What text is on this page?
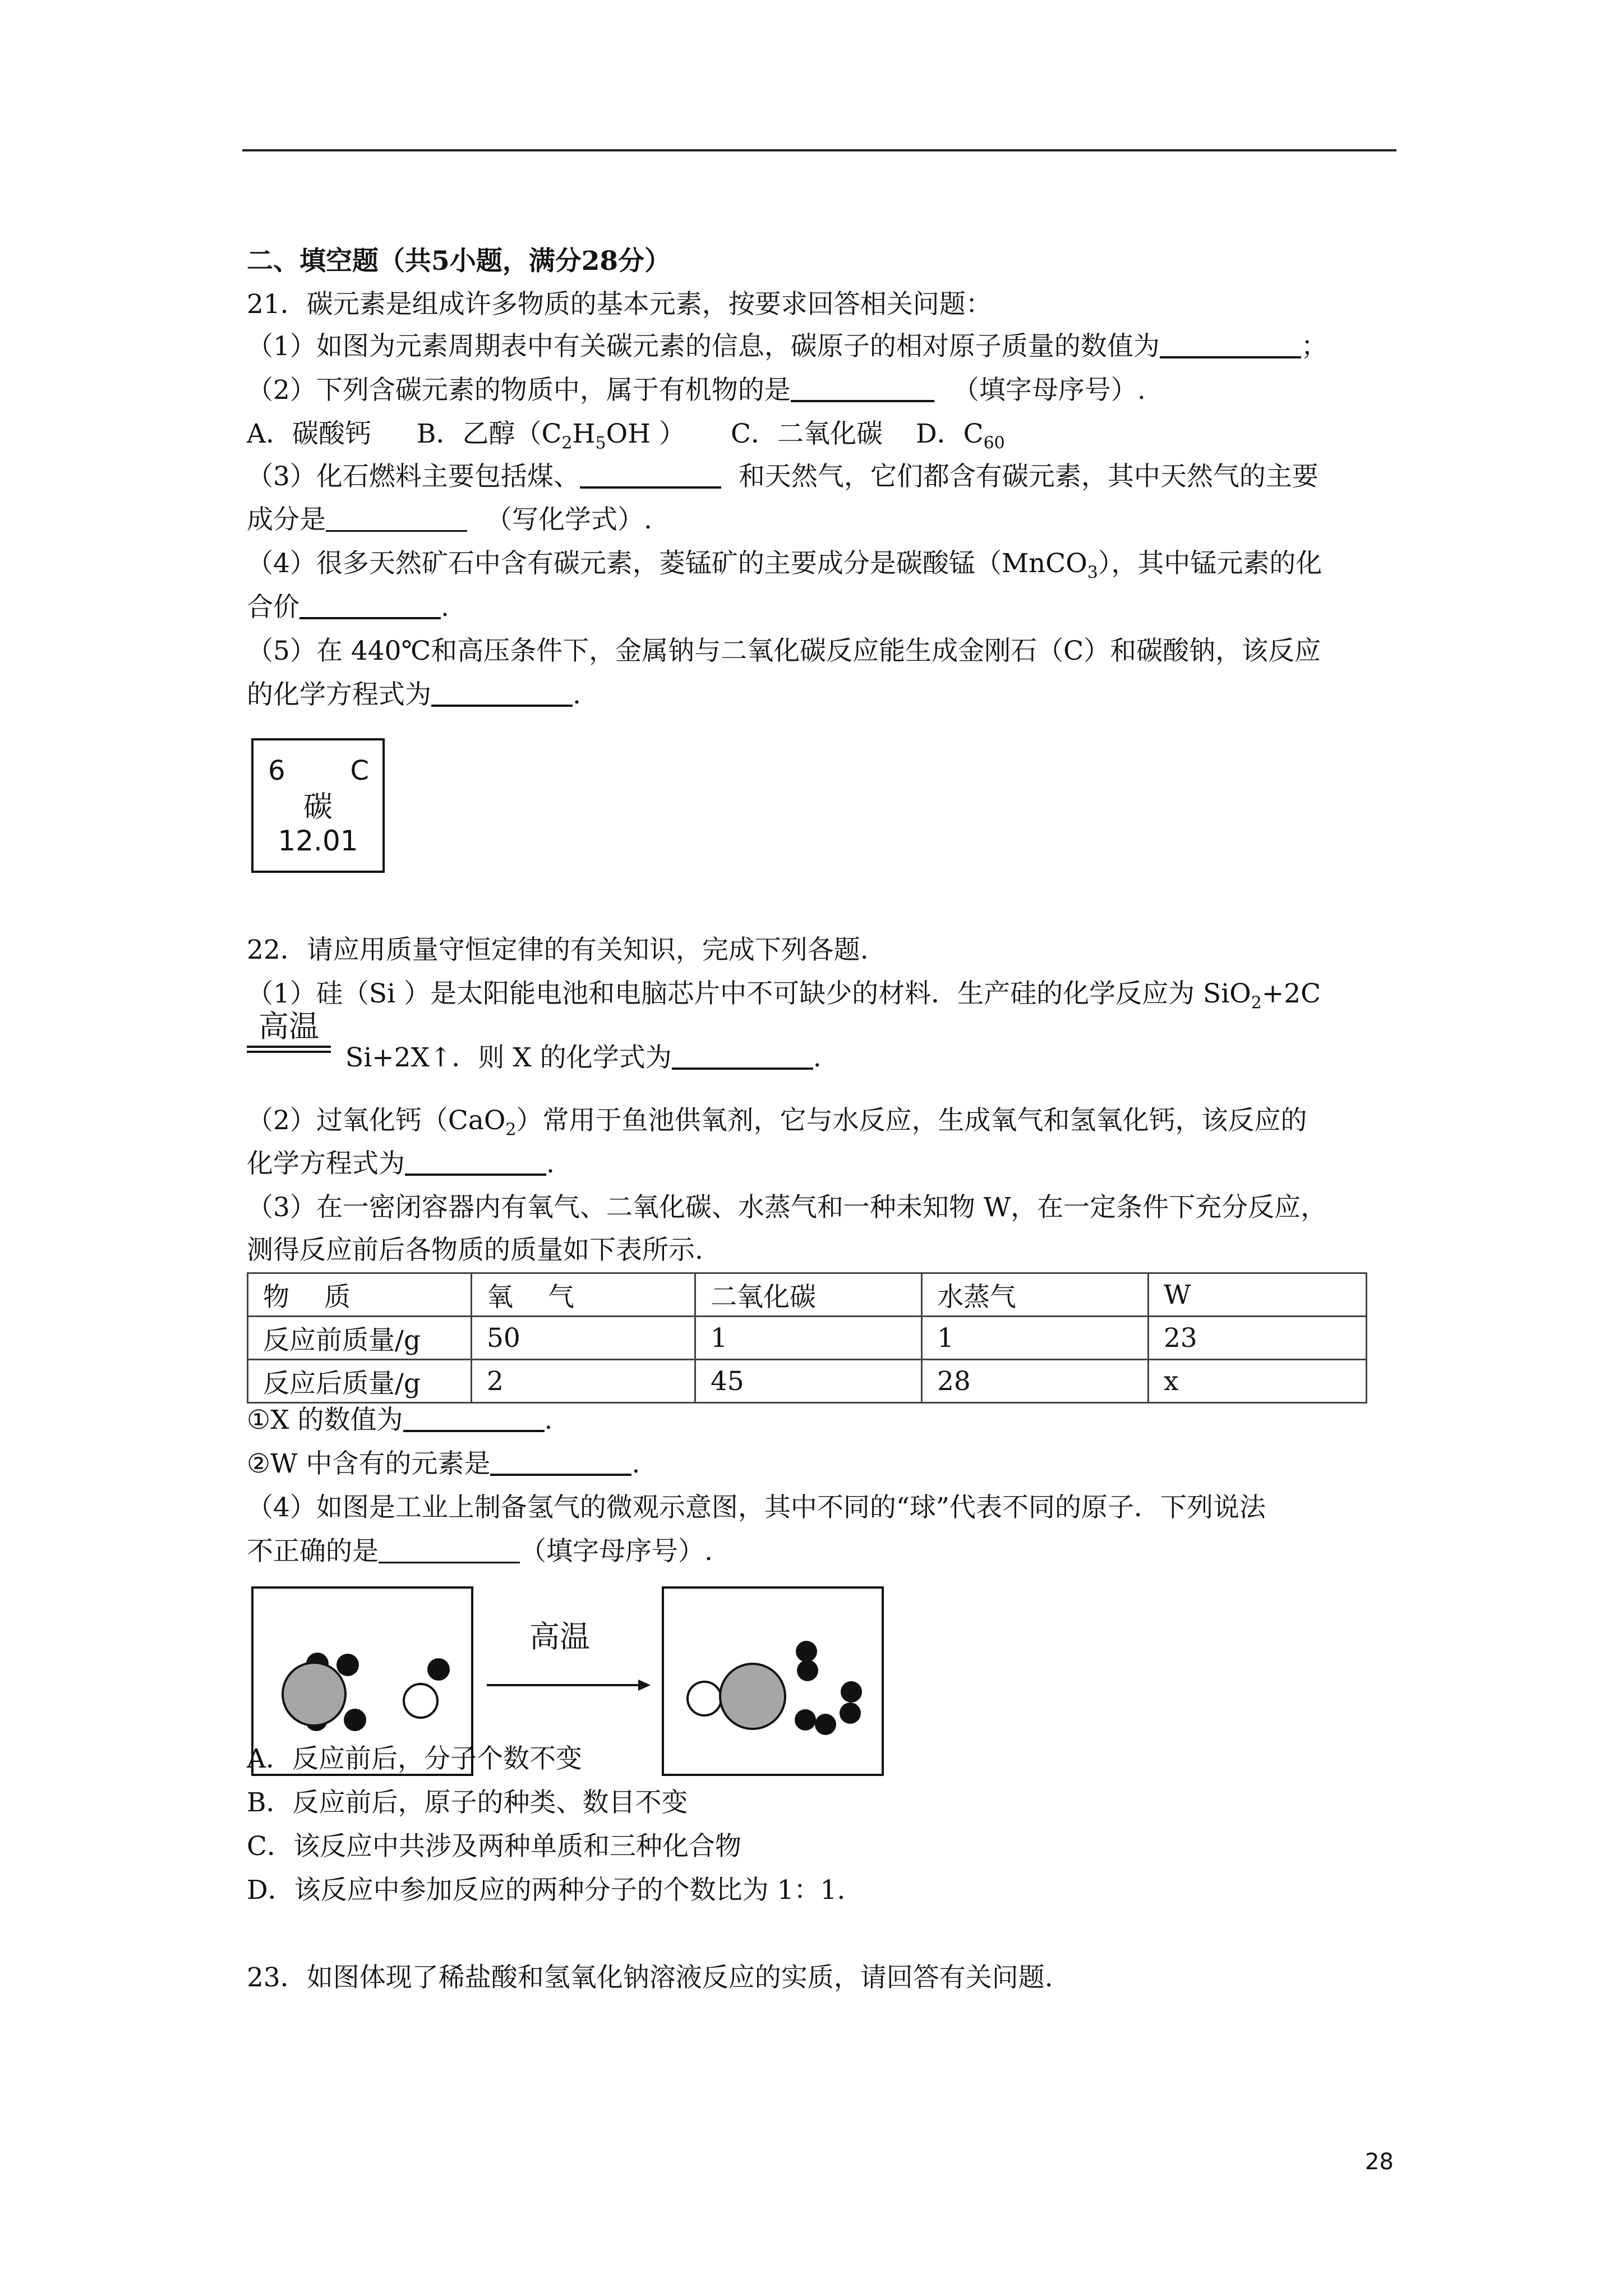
二、填空题（共5小题，满分28分）
21．碳元素是组成许多物质的基本元素，按要求回答相关问题：
（1）如图为元素周期表中有关碳元素的信息，碳原子的相对原子质量的数值为	；
（2）下列含碳元素的物质中，属于有机物的是	（填字母序号）.
A．碳酸钙 B．乙醇（$C_2H_5OH$ ） C．二氧化碳 D．$C_{60}$
（3）化石燃料主要包括煤、	和天然气，它们都含有碳元素，其中天然气的主要
成分是	（写化学式）.
（4）很多天然矿石中含有碳元素，菱锰矿的主要成分是碳酸锰（MnCO$_3$），其中锰元素的化
合价	.
（5）在 440℃和高压条件下，金属钠与二氧化碳反应能生成金刚石（C）和碳酸钠，该反应
的化学方程式为	.
6 C
碳
12.01
22．请应用质量守恒定律的有关知识，完成下列各题.
（1）硅（Si ）是太阳能电池和电脑芯片中不可缺少的材料．生产硅的化学反应为 SiO$_2$+2C
高温
Si+2X↑．则 X 的化学式为	.
（2）过氧化钙（CaO$_2$）常用于鱼池供氧剂，它与水反应，生成氧气和氢氧化钙，该反应的
化学方程式为	.
（3）在一密闭容器内有氧气、二氧化碳、水蒸气和一种未知物 W，在一定条件下充分反应，
测得反应前后各物质的质量如下表所示.
物　 质	氧　 气	二氧化碳	水蒸气	W
反应前质量/g	50	1	1	23
反应后质量/g	2	45	28	x
①X 的数值为	.
②W 中含有的元素是	.
（4）如图是工业上制备氢气的微观示意图，其中不同的“球”代表不同的原子．下列说法
不正确的是	（填字母序号）.
高温
A．反应前后，分子个数不变
B．反应前后，原子的种类、数目不变
C．该反应中共涉及两种单质和三种化合物
D．该反应中参加反应的两种分子的个数比为 1：1.
23．如图体现了稀盐酸和氢氧化钠溶液反应的实质，请回答有关问题.
28
